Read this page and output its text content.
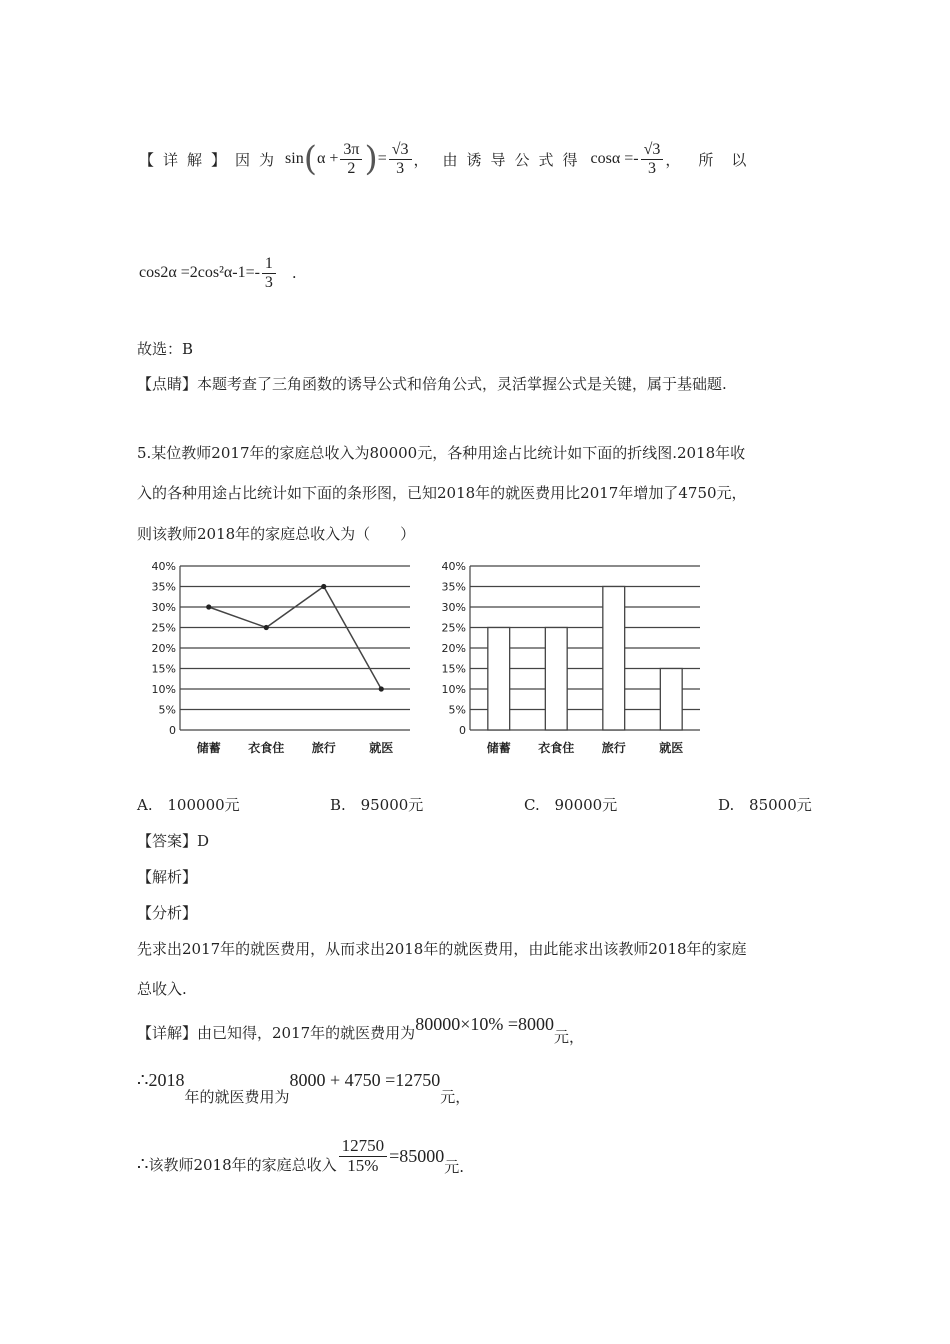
【详解】因为 sin ( $\alpha + \frac{3\pi}{2}$ ) = $\frac{√3}{3}$ ， 由诱导公式得 $\cos\alpha =- \frac{√3}{3}$ ， 所以
$\cos 2\alpha =2\cos^2\alpha-1=- \frac{1}{3}$ .
故选：B
【点睛】本题考查了三角函数的诱导公式和倍角公式，灵活掌握公式是关键，属于基础题.
5.某位教师2017年的家庭总收入为80000元，各种用途占比统计如下面的折线图.2018年收
入的各种用途占比统计如下面的条形图，已知2018年的就医费用比2017年增加了4750元，
则该教师2018年的家庭总收入为（　　）
0
5%
10%
15%
20%
25%
30%
35%
40%
储蓄 衣食住 旅行	就医
0
5%
10%
15%
20%
25%
30%
35%
40%
储蓄 衣食住 旅行	就医
A. 100000元	B. 95000元	C. 90000元	D. 85000元
【答案】D
【解析】
【分析】
先求出2017年的就医费用，从而求出2018年的就医费用，由此能求出该教师2018年的家庭
总收入.
【详解】由已知得，2017年的就医费用为 80000×10% =8000
元，
∴ 2018
年的就医费用为
8000 + 4750 =12750
元，
∴ 该教师2018年的家庭总收入 $\frac{12750}{15\%} =85000$
元.
